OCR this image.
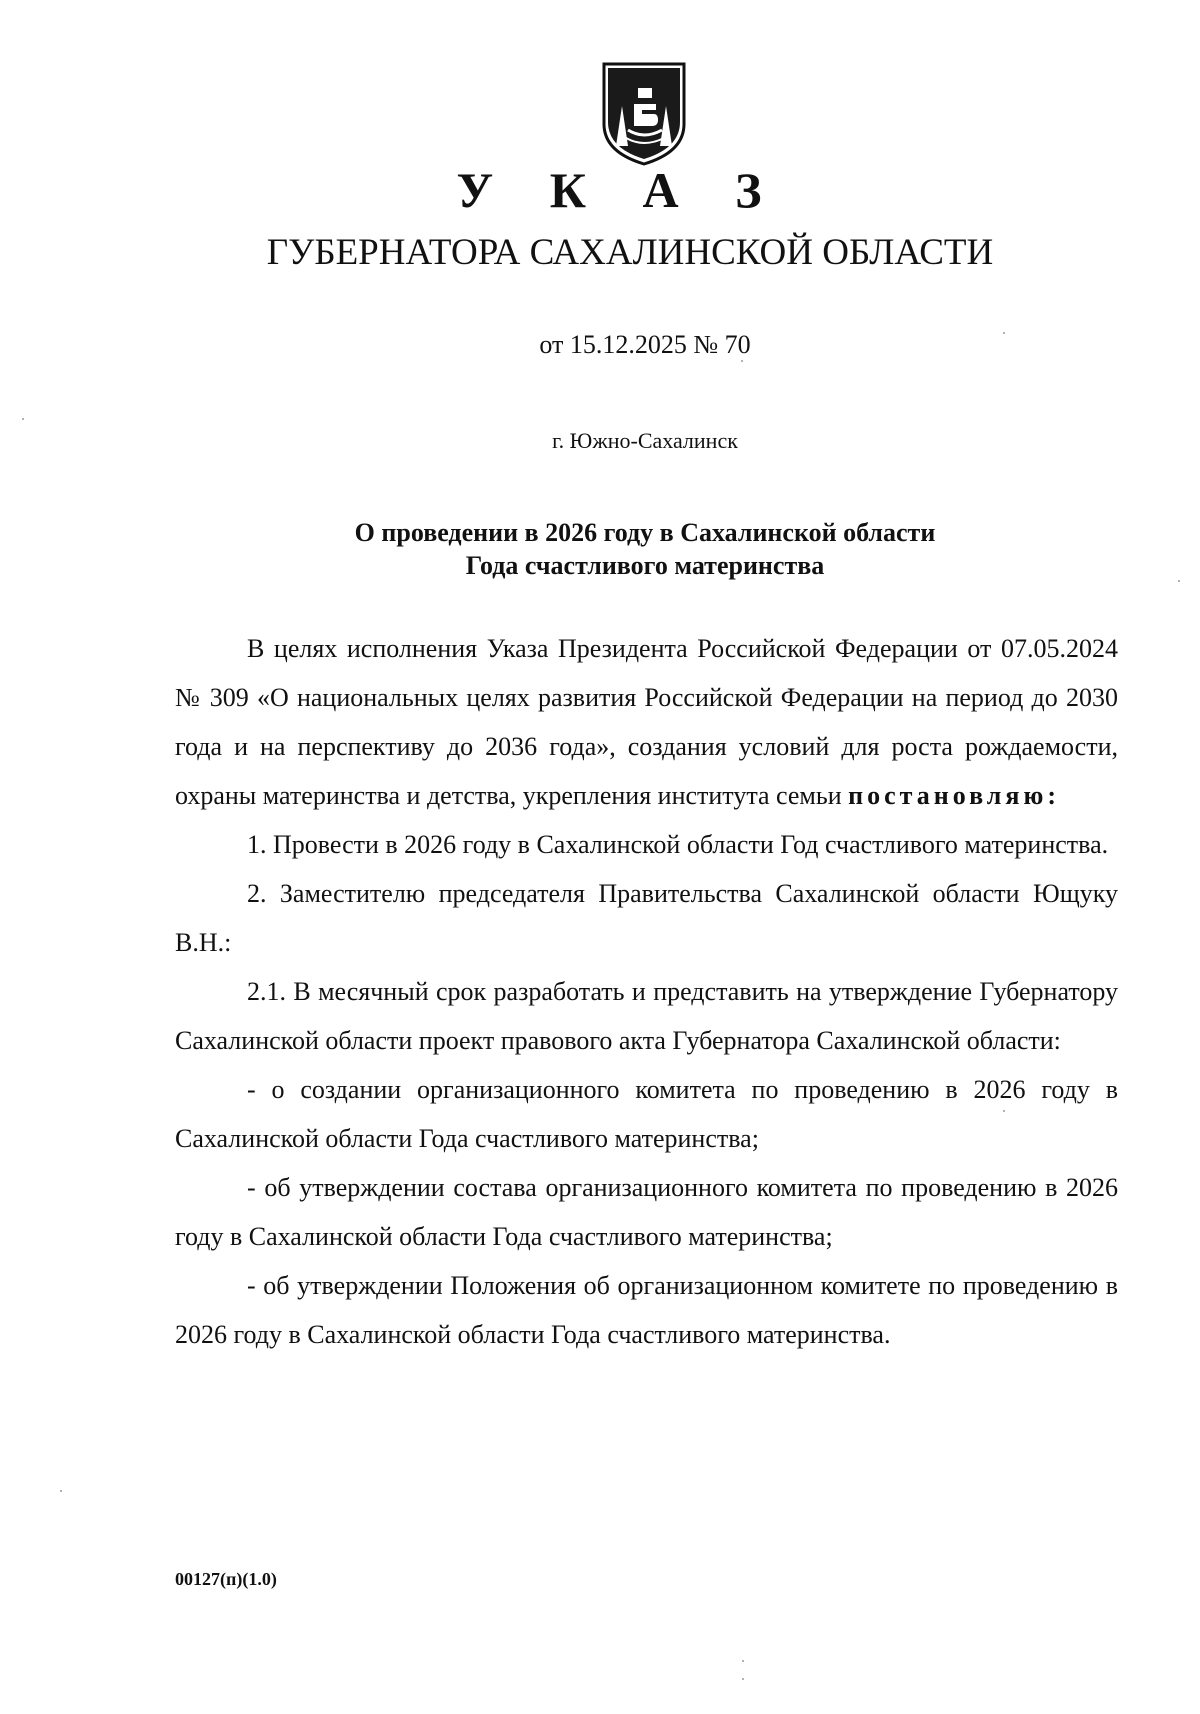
У К А З
ГУБЕРНАТОРА САХАЛИНСКОЙ ОБЛАСТИ
от 15.12.2025 № 70
г. Южно-Сахалинск
О проведении в 2026 году в Сахалинской области
Года счастливого материнства

В целях исполнения Указа Президента Российской Федерации от 07.05.2024 № 309 «О национальных целях развития Российской Федерации на период до 2030 года и на перспективу до 2036 года», создания условий для роста рождаемости, охраны материнства и детства, укрепления института семьи постановляю:

1. Провести в 2026 году в Сахалинской области Год счастливого материнства.

2. Заместителю председателя Правительства Сахалинской области Ющуку В.Н.:

2.1. В месячный срок разработать и представить на утверждение Губернатору Сахалинской области проект правового акта Губернатора Сахалинской области:

- о создании организационного комитета по проведению в 2026 году в Сахалинской области Года счастливого материнства;

- об утверждении состава организационного комитета по проведению в 2026 году в Сахалинской области Года счастливого материнства;

- об утверждении Положения об организационном комитете по проведению в 2026 году в Сахалинской области Года счастливого материнства.

00127(п)(1.0)
